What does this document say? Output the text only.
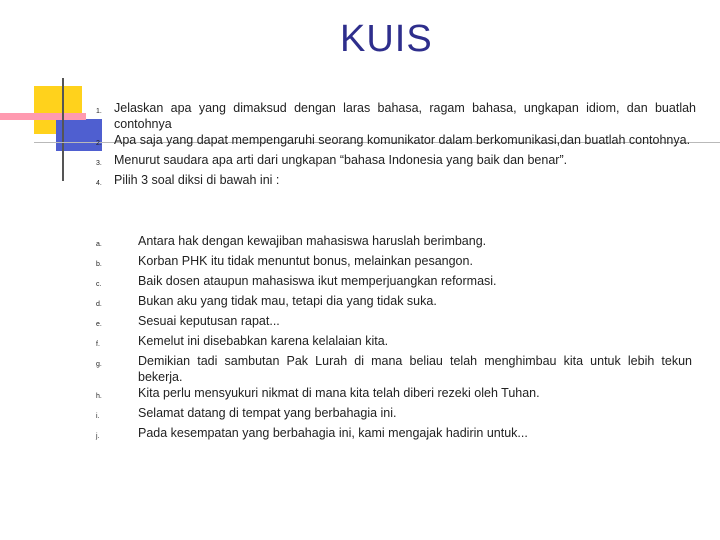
KUIS
1. Jelaskan apa yang dimaksud dengan laras bahasa, ragam bahasa, ungkapan idiom, dan buatlah contohnya
2. Apa saja yang dapat mempengaruhi seorang komunikator dalam berkomunikasi,dan buatlah contohnya.
3. Menurut saudara apa arti dari ungkapan “bahasa Indonesia yang baik dan benar”.
4. Pilih 3 soal diksi di bawah ini :
a.	Antara hak dengan kewajiban mahasiswa haruslah berimbang.
b.	Korban PHK itu tidak menuntut bonus, melainkan pesangon.
c.	Baik dosen ataupun mahasiswa ikut memperjuangkan reformasi.
d.	Bukan aku yang tidak mau, tetapi dia yang tidak suka.
e.	Sesuai keputusan rapat...
f.	Kemelut ini disebabkan karena kelalaian kita.
g.	Demikian tadi sambutan Pak Lurah di mana beliau telah menghimbau kita untuk lebih tekun bekerja.
h.	Kita perlu mensyukuri nikmat di mana kita telah diberi rezeki oleh Tuhan.
i.	Selamat datang di tempat yang berbahagia ini.
j.	Pada kesempatan yang berbahagia ini, kami mengajak hadirin untuk...
